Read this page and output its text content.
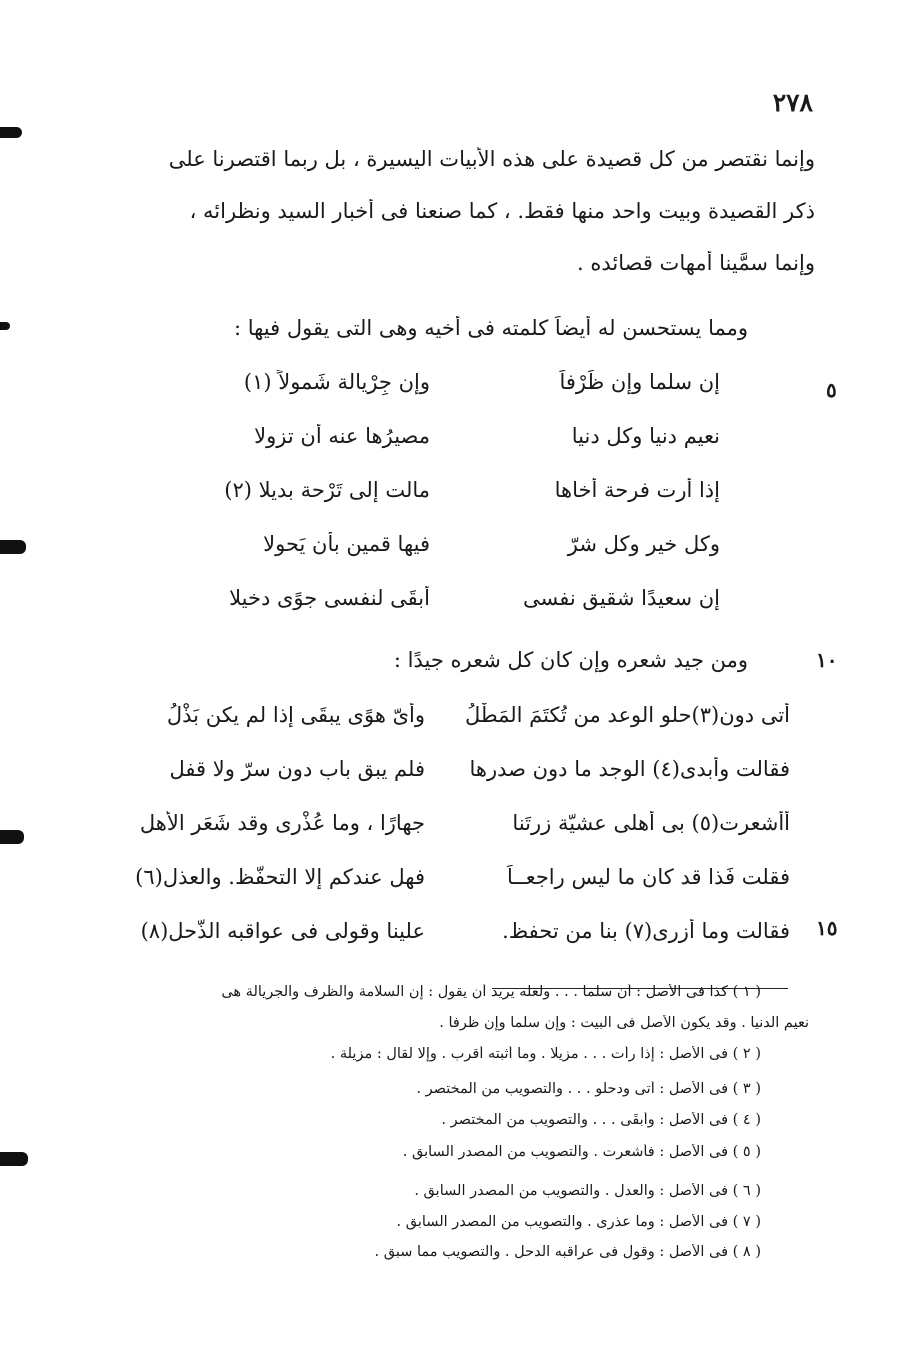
٢٧٨
وإنما نقتصر من كل قصيدة على هذه الأبيات اليسيرة ، بل ربما اقتصرنا على
ذكر القصيدة وبيت واحد منها فقط. ، كما صنعنا فى أخبار السيد ونظرائه ،
وإنما سمَّينا أُمهات قصائده .
ومما يستحسن له أيضاً كلمته فى أخيه وهى التى يقول فيها :
إن سلما وإن ظَرْفاً
وإن جِرْيالة شَمولاً (١)
نعيم دنيا وكل دنيا
مصيرُها عنه أن تزولا
إذا أرت فرحة أخاها
مالت إلى تَرْحة بديلا (٢)
وكل خير وكل شرّ
فيها قمين بأَن يَحولا
إن سعيدًا شقيق نفسى
أبقَى لنفسى جوًى دخيلا
٥
ومن جيد شعره وإن كان كل شعره جيدًا :	١٠
أتى دون(٣)حلو الوعد من تُكتَمَ المَطْلُ
وأَىّ هوًى يبقَى إذا لم يكن بَذْلُ
فقالت وأَبدى(٤) الوجد ما دون صدرها
فلم يبق باب دون سرّ ولا قفل
أأشعرت(٥) بى أهلى عشيّة زرتَنا
جهارًا ، وما عُذْرى وقد شَعَر الأهل
فقلت فَذا قد كان ما ليس راجعــاً
فهل عندكم إلا التحفّظ. والعذل(٦)
فقالت وما أزرى(٧) بنا من تحفظ.
علينا وقولى فى عواقبه الذَّحل(٨)	١٥
( ١ ) كذا فى الأصل : أن سلما . . . ولعله يريد أن يقول : إن السلامة والظرف والجريالة هى
نعيم الدنيا . وقد يكون الأصل فى البيت : وإن سلما وإن ظرفا .
( ٢ ) فى الأصل : إذا رأت . . . مزيلا . وما أثبته أقرب . وإلا لقال : مزيلة .
( ٣ ) فى الأصل : أتى ودحلو . . . والتصويب من المختصر .
( ٤ ) فى الأصل : وأبقَى . . . والتصويب من المختصر .
( ٥ ) فى الأصل : فأشعرت . والتصويب من المصدر السابق .
( ٦ ) فى الأصل : والعدل . والتصويب من المصدر السابق .
( ٧ ) فى الأصل : وما عذرى . والتصويب من المصدر السابق .
( ٨ ) فى الأصل : وقول فى عراقبه الدحل . والتصويب مما سبق .
